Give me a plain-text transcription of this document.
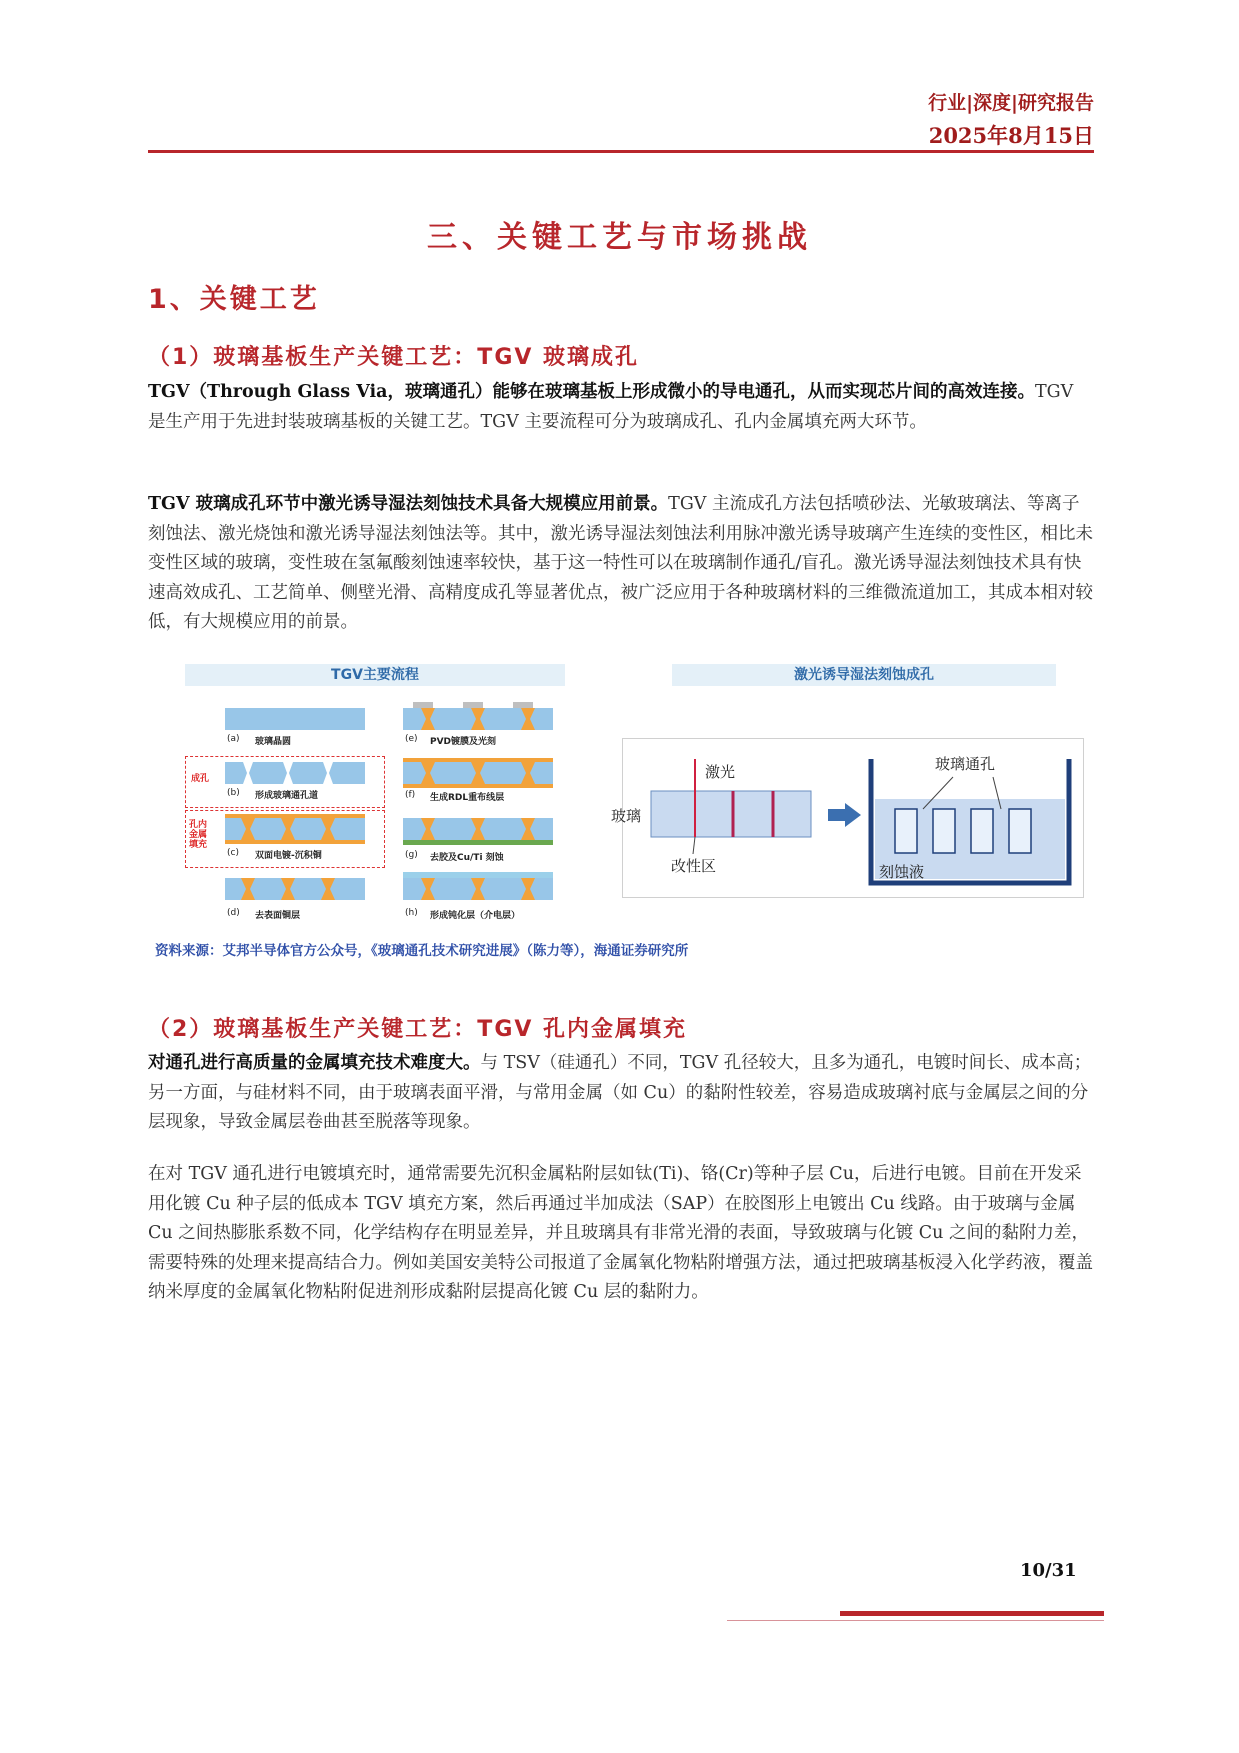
行业|深度|研究报告
2025年8月15日
三、关键工艺与市场挑战
1、关键工艺
（1）玻璃基板生产关键工艺：TGV 玻璃成孔
TGV（Through Glass Via，玻璃通孔）能够在玻璃基板上形成微小的导电通孔，从而实现芯片间的高效连接。TGV 是生产用于先进封装玻璃基板的关键工艺。TGV 主要流程可分为玻璃成孔、孔内金属填充两大环节。
TGV 玻璃成孔环节中激光诱导湿法刻蚀技术具备大规模应用前景。TGV 主流成孔方法包括喷砂法、光敏玻璃法、等离子刻蚀法、激光烧蚀和激光诱导湿法刻蚀法等。其中，激光诱导湿法刻蚀法利用脉冲激光诱导玻璃产生连续的变性区，相比未变性区域的玻璃，变性玻在氢氟酸刻蚀速率较快，基于这一特性可以在玻璃制作通孔/盲孔。激光诱导湿法刻蚀技术具有快速高效成孔、工艺简单、侧壁光滑、高精度成孔等显著优点，被广泛应用于各种玻璃材料的三维微流道加工，其成本相对较低，有大规模应用的前景。
TGV主要流程
(a) 玻璃晶圆
(b) 形成玻璃通孔道
(c) 双面电镀-沉积铜
(d) 去表面铜层
成孔
孔内金属填充
(e) PVD镀膜及光刻
(f) 生成RDL重布线层
(g) 去胶及Cu/Ti 刻蚀
(h) 形成钝化层（介电层）
激光诱导湿法刻蚀成孔
激光
玻璃
改性区
玻璃通孔
刻蚀液
资料来源：艾邦半导体官方公众号，《玻璃通孔技术研究进展》（陈力等），海通证券研究所
（2）玻璃基板生产关键工艺：TGV 孔内金属填充
对通孔进行高质量的金属填充技术难度大。与 TSV（硅通孔）不同，TGV 孔径较大，且多为通孔，电镀时间长、成本高；另一方面，与硅材料不同，由于玻璃表面平滑，与常用金属（如 Cu）的黏附性较差，容易造成玻璃衬底与金属层之间的分层现象，导致金属层卷曲甚至脱落等现象。
在对 TGV 通孔进行电镀填充时，通常需要先沉积金属粘附层如钛(Ti)、铬(Cr)等种子层 Cu，后进行电镀。目前在开发采用化镀 Cu 种子层的低成本 TGV 填充方案，然后再通过半加成法（SAP）在胶图形上电镀出 Cu 线路。由于玻璃与金属 Cu 之间热膨胀系数不同，化学结构存在明显差异，并且玻璃具有非常光滑的表面，导致玻璃与化镀 Cu 之间的黏附力差，需要特殊的处理来提高结合力。例如美国安美特公司报道了金属氧化物粘附增强方法，通过把玻璃基板浸入化学药液，覆盖纳米厚度的金属氧化物粘附促进剂形成黏附层提高化镀 Cu 层的黏附力。
10/31
